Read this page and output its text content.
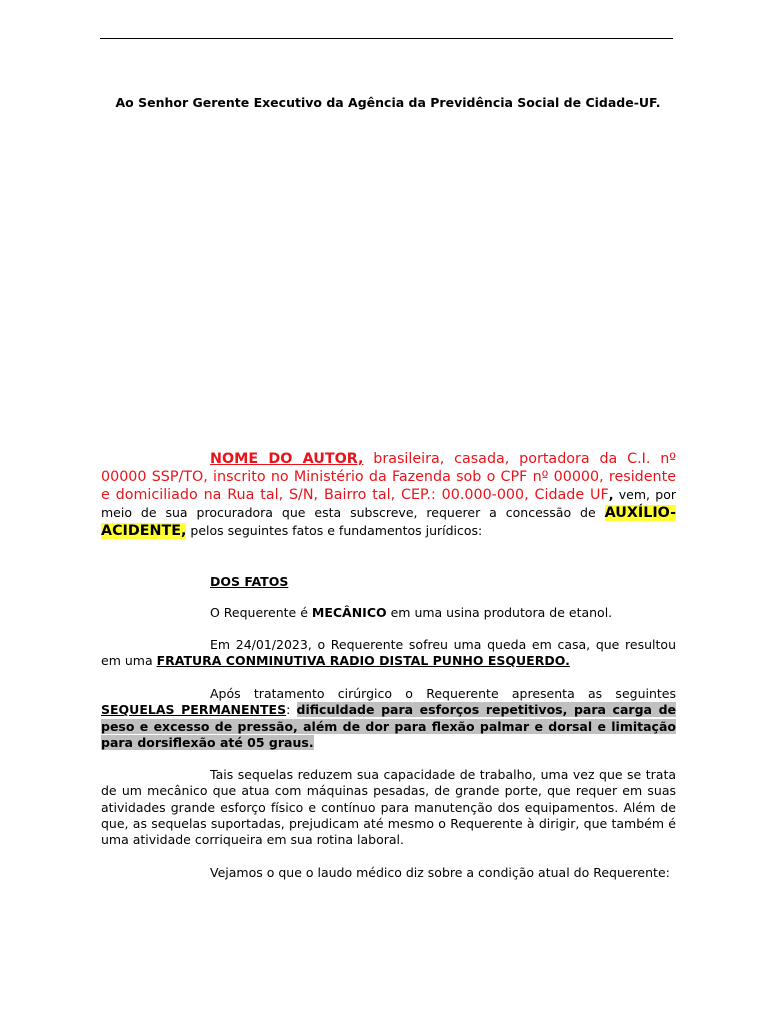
Ao Senhor Gerente Executivo da Agência da Previdência Social de Cidade-UF.
NOME DO AUTOR, brasileira, casada, portadora da C.I. nº 00000 SSP/TO, inscrito no Ministério da Fazenda sob o CPF nº 00000, residente e domiciliado na Rua tal, S/N, Bairro tal, CEP.: 00.000-000, Cidade UF, vem, por meio de sua procuradora que esta subscreve, requerer a concessão de AUXÍLIO-ACIDENTE, pelos seguintes fatos e fundamentos jurídicos:
DOS FATOS
O Requerente é MECÂNICO em uma usina produtora de etanol.
Em 24/01/2023, o Requerente sofreu uma queda em casa, que resultou em uma FRATURA CONMINUTIVA RADIO DISTAL PUNHO ESQUERDO.
Após tratamento cirúrgico o Requerente apresenta as seguintes SEQUELAS PERMANENTES: dificuldade para esforços repetitivos, para carga de peso e excesso de pressão, além de dor para flexão palmar e dorsal e limitação para dorsiflexão até 05 graus.
Tais sequelas reduzem sua capacidade de trabalho, uma vez que se trata de um mecânico que atua com máquinas pesadas, de grande porte, que requer em suas atividades grande esforço físico e contínuo para manutenção dos equipamentos. Além de que, as sequelas suportadas, prejudicam até mesmo o Requerente à dirigir, que também é uma atividade corriqueira em sua rotina laboral.
Vejamos o que o laudo médico diz sobre a condição atual do Requerente:
